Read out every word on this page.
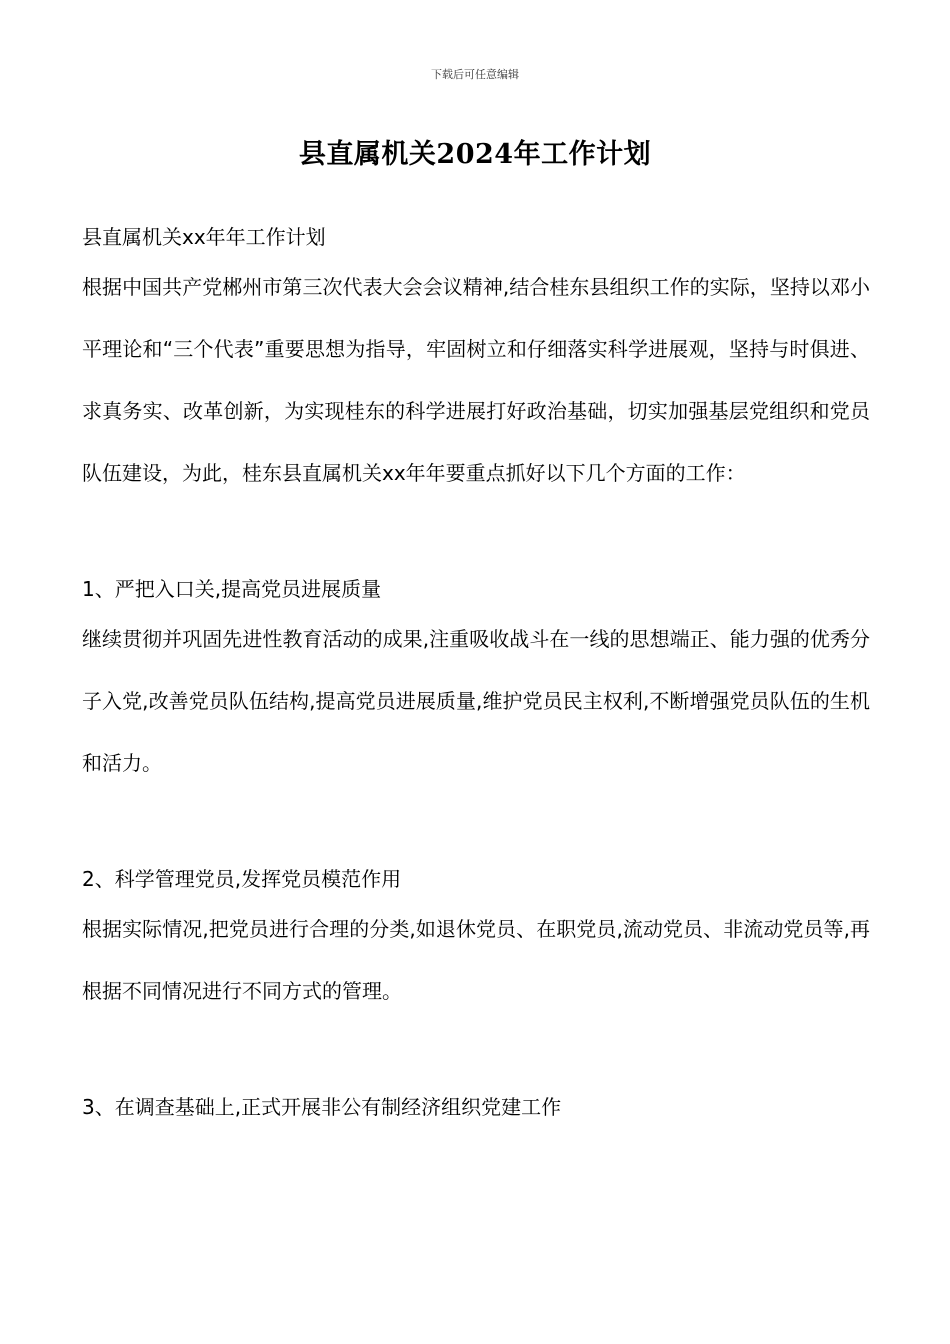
下载后可任意编辑
县直属机关2024年工作计划
县直属机关xx年年工作计划
根据中国共产党郴州市第三次代表大会会议精神,结合桂东县组织工作的实际，坚持以邓小平理论和“三个代表”重要思想为指导，牢固树立和仔细落实科学进展观，坚持与时俱进、求真务实、改革创新，为实现桂东的科学进展打好政治基础，切实加强基层党组织和党员队伍建设，为此，桂东县直属机关xx年年要重点抓好以下几个方面的工作：
1、严把入口关,提高党员进展质量
继续贯彻并巩固先进性教育活动的成果,注重吸收战斗在一线的思想端正、能力强的优秀分子入党,改善党员队伍结构,提高党员进展质量,维护党员民主权利,不断增强党员队伍的生机和活力。
2、科学管理党员,发挥党员模范作用
根据实际情况,把党员进行合理的分类,如退休党员、在职党员,流动党员、非流动党员等,再根据不同情况进行不同方式的管理。
3、在调查基础上,正式开展非公有制经济组织党建工作
